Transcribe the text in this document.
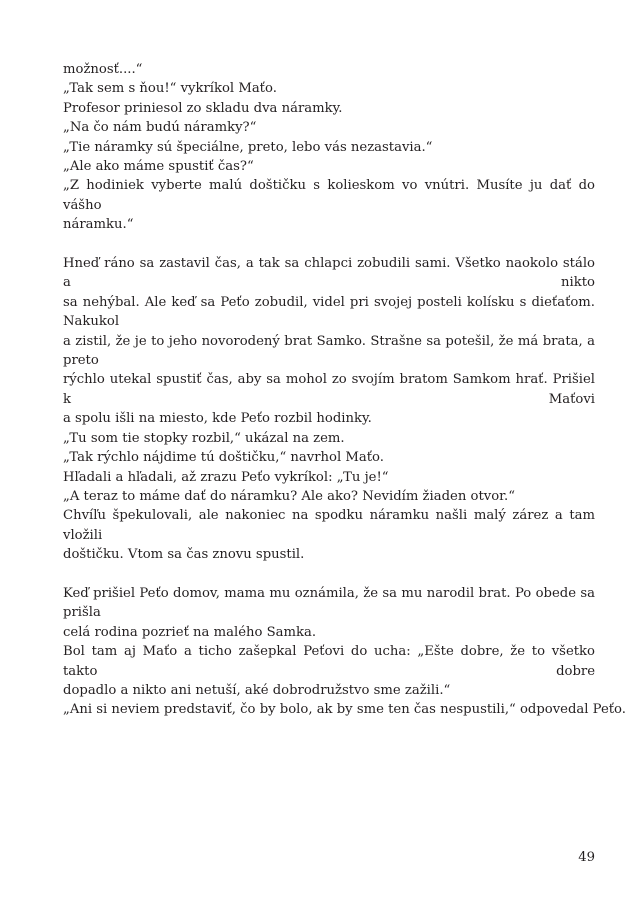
možnosť....“
„Tak sem s ňou!“ vykríkol Maťo.
Profesor priniesol zo skladu dva náramky.
„Na čo nám budú náramky?“
„Tie náramky sú špeciálne, preto, lebo vás nezastavia.“
„Ale ako máme spustiť čas?“
„Z hodiniek vyberte malú doštičku s kolieskom vo vnútri. Musíte ju dať do vášho
náramku.“
Hneď ráno sa zastavil čas, a tak sa chlapci zobudili sami. Všetko naokolo stálo a nikto
sa nehýbal. Ale keď sa Peťo zobudil, videl pri svojej posteli kolísku s dieťaťom. Nakukol
a zistil, že je to jeho novorodený brat Samko. Strašne sa potešil, že má brata, a preto
rýchlo utekal spustiť čas, aby sa mohol zo svojím bratom Samkom hrať. Prišiel k Maťovi
a spolu išli na miesto, kde Peťo rozbil hodinky.
„Tu som tie stopky rozbil,“ ukázal na zem.
„Tak rýchlo nájdime tú doštičku,“ navrhol Maťo.
Hľadali a hľadali, až zrazu Peťo vykríkol: „Tu je!“
„A teraz to máme dať do náramku? Ale ako? Nevidím žiaden otvor.“
Chvíľu špekulovali, ale nakoniec na spodku náramku našli malý zárez a tam vložili
doštičku. Vtom sa čas znovu spustil.
Keď prišiel Peťo domov, mama mu oznámila, že sa mu narodil brat. Po obede sa prišla
celá rodina pozrieť na malého Samka.
Bol tam aj Maťo a ticho zašepkal Peťovi do ucha: „Ešte dobre, že to všetko takto dobre
dopadlo a nikto ani netuší, aké dobrodružstvo sme zažili.“
„Ani si neviem predstaviť, čo by bolo, ak by sme ten čas nespustili,“ odpovedal Peťo.
49
